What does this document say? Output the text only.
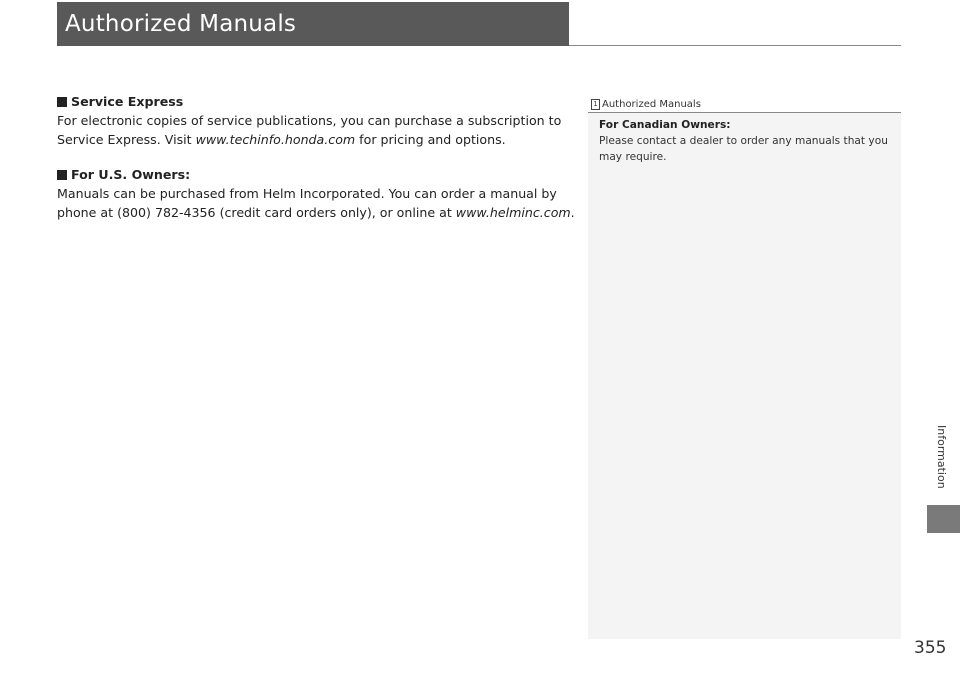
Authorized Manuals

Service Express

For electronic copies of service publications, you can purchase a subscription to Service Express. Visit www.techinfo.honda.com for pricing and options.

For U.S. Owners:

Manuals can be purchased from Helm Incorporated. You can order a manual by phone at (800) 782-4356 (credit card orders only), or online at www.helminc.com.

1 Authorized Manuals

For Canadian Owners:

Please contact a dealer to order any manuals that you may require.

Information
355
